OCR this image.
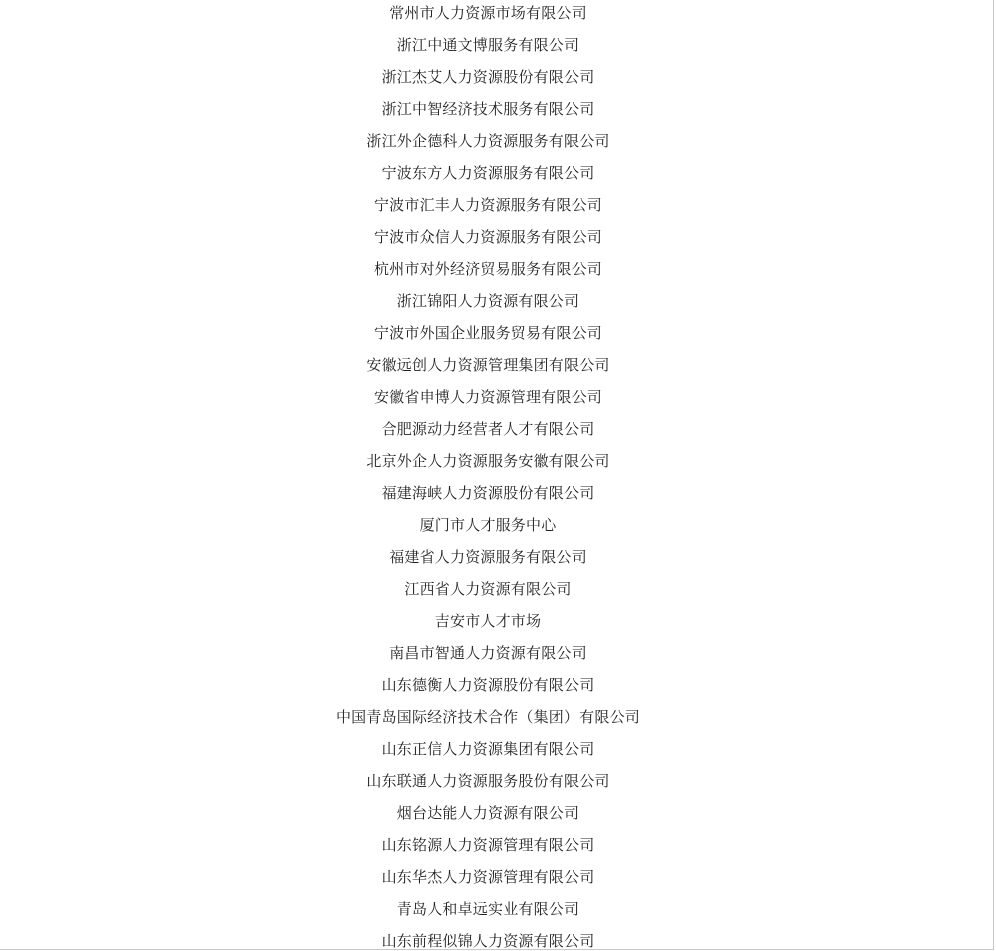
常州市人力资源市场有限公司
浙江中通文博服务有限公司
浙江杰艾人力资源股份有限公司
浙江中智经济技术服务有限公司
浙江外企德科人力资源服务有限公司
宁波东方人力资源服务有限公司
宁波市汇丰人力资源服务有限公司
宁波市众信人力资源服务有限公司
杭州市对外经济贸易服务有限公司
浙江锦阳人力资源有限公司
宁波市外国企业服务贸易有限公司
安徽远创人力资源管理集团有限公司
安徽省申博人力资源管理有限公司
合肥源动力经营者人才有限公司
北京外企人力资源服务安徽有限公司
福建海峡人力资源股份有限公司
厦门市人才服务中心
福建省人力资源服务有限公司
江西省人力资源有限公司
吉安市人才市场
南昌市智通人力资源有限公司
山东德衡人力资源股份有限公司
中国青岛国际经济技术合作（集团）有限公司
山东正信人力资源集团有限公司
山东联通人力资源服务股份有限公司
烟台达能人力资源有限公司
山东铭源人力资源管理有限公司
山东华杰人力资源管理有限公司
青岛人和卓远实业有限公司
山东前程似锦人力资源有限公司
